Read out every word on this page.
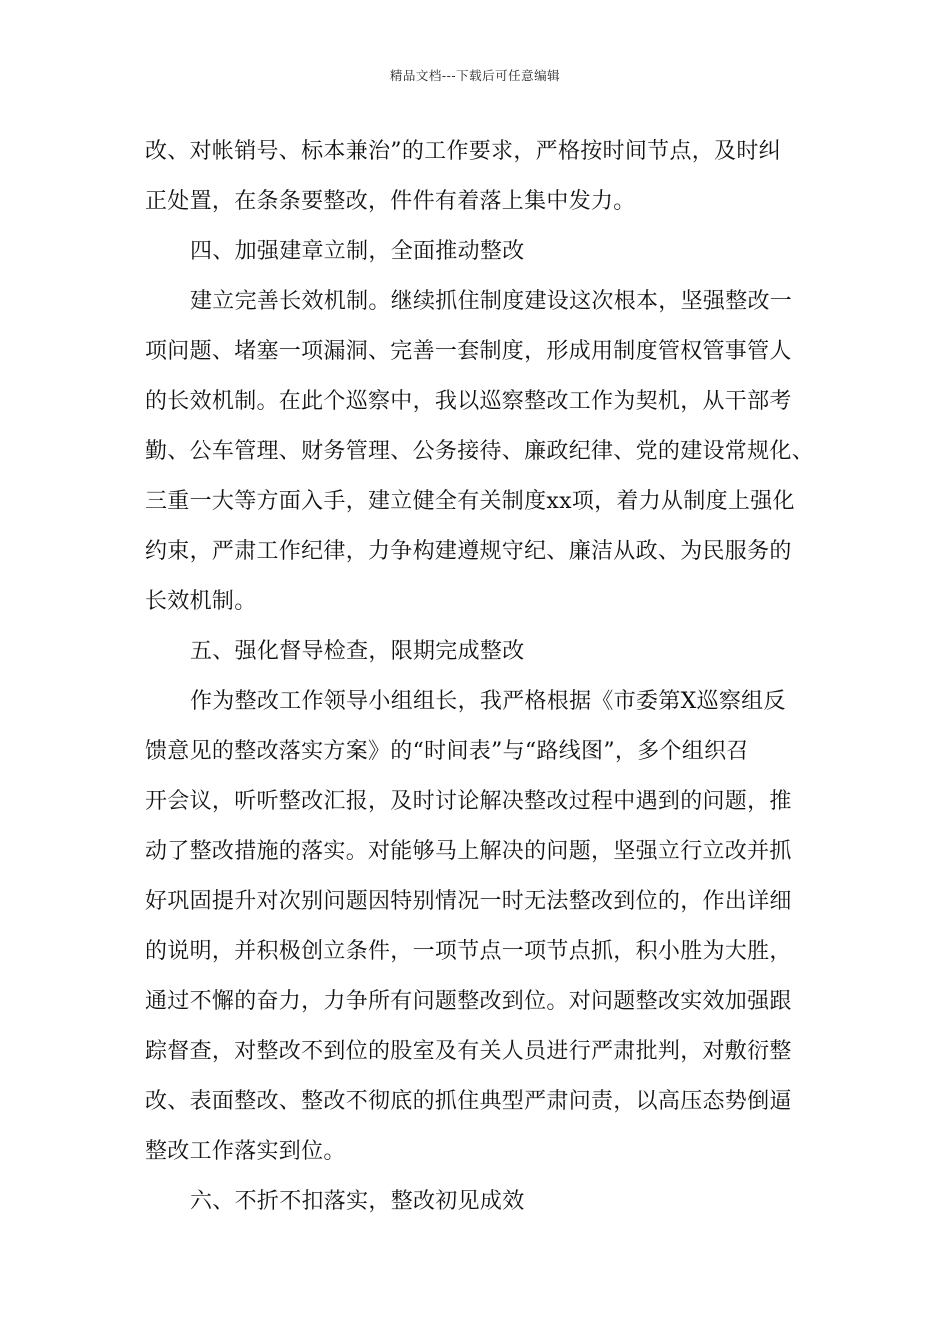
精品文档---下载后可任意编辑
改、对帐销号、标本兼治”的工作要求，严格按时间节点，及时纠
正处置，在条条要整改，件件有着落上集中发力。
四、加强建章立制，全面推动整改
建立完善长效机制。继续抓住制度建设这次根本，坚强整改一
项问题、堵塞一项漏洞、完善一套制度，形成用制度管权管事管人
的长效机制。在此个巡察中，我以巡察整改工作为契机，从干部考
勤、公车管理、财务管理、公务接待、廉政纪律、党的建设常规化、
三重一大等方面入手，建立健全有关制度xx项，着力从制度上强化
约束，严肃工作纪律，力争构建遵规守纪、廉洁从政、为民服务的
长效机制。
五、强化督导检查，限期完成整改
作为整改工作领导小组组长，我严格根据《市委第X巡察组反
馈意见的整改落实方案》的“时间表”与“路线图”，多个组织召
开会议，听听整改汇报，及时讨论解决整改过程中遇到的问题，推
动了整改措施的落实。对能够马上解决的问题，坚强立行立改并抓
好巩固提升对次别问题因特别情况一时无法整改到位的，作出详细
的说明，并积极创立条件，一项节点一项节点抓，积小胜为大胜，
通过不懈的奋力，力争所有问题整改到位。对问题整改实效加强跟
踪督查，对整改不到位的股室及有关人员进行严肃批判，对敷衍整
改、表面整改、整改不彻底的抓住典型严肃问责，以高压态势倒逼
整改工作落实到位。
六、不折不扣落实，整改初见成效
